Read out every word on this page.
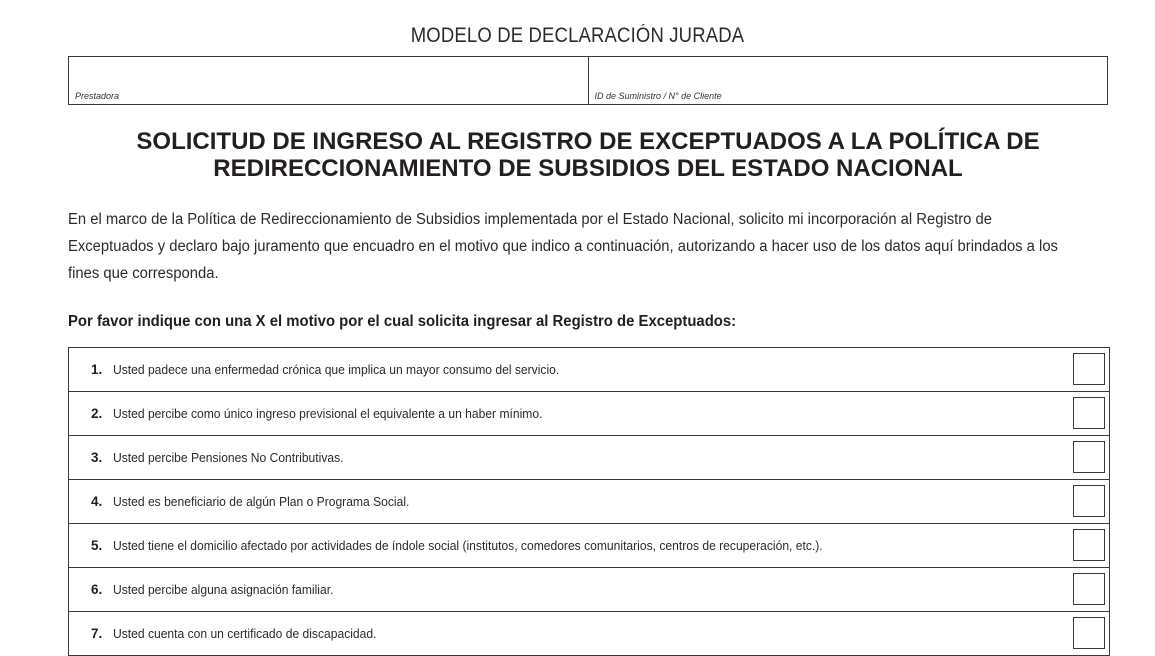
MODELO DE DECLARACIÓN JURADA
Prestadora	ID de Suministro / N° de Cliente
SOLICITUD DE INGRESO AL REGISTRO DE EXCEPTUADOS A LA POLÍTICA DE
REDIRECCIONAMIENTO DE SUBSIDIOS DEL ESTADO NACIONAL

En el marco de la Política de Redireccionamiento de Subsidios implementada por el Estado Nacional, solicito mi incorporación al Registro de Exceptuados y declaro bajo juramento que encuadro en el motivo que indico a continuación, autorizando a hacer uso de los datos aquí brindados a los fines que corresponda.

Por favor indique con una X el motivo por el cual solicita ingresar al Registro de Exceptuados:
1. Usted padece una enfermedad crónica que implica un mayor consumo del servicio.
2. Usted percibe como único ingreso previsional el equivalente a un haber mínimo.
3. Usted percibe Pensiones No Contributivas.
4. Usted es beneficiario de algún Plan o Programa Social.
5. Usted tiene el domicilio afectado por actividades de índole social (institutos, comedores comunitarios, centros de recuperación, etc.).
6. Usted percibe alguna asignación familiar.
7. Usted cuenta con un certificado de discapacidad.
